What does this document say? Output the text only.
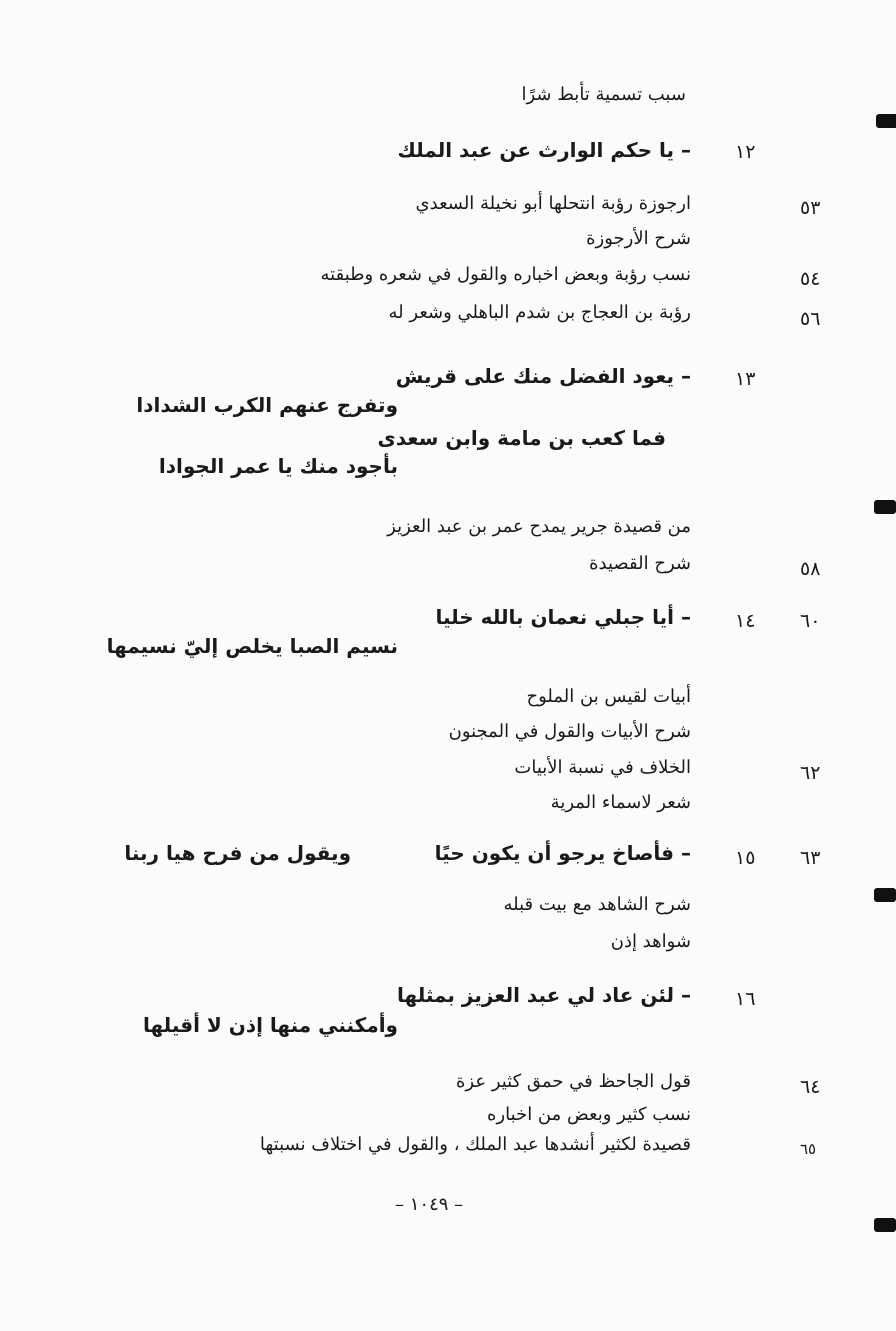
سبب تسمية تأبط شرًا
١٢
– يا حكم الوارث عن عبد الملك
٥٣
ارجوزة رؤبة انتحلها أبو نخيلة السعدي
شرح الأرجوزة
٥٤
نسب رؤبة وبعض اخباره والقول في شعره وطبقته
٥٦
رؤبة بن العجاج بن شدم الباهلي وشعر له
١٣
– يعود الفضل منك على قريش
وتفرج عنهم الكرب الشدادا
فما كعب بن مامة وابن سعدى
بأجود منك يا عمر الجوادا
من قصيدة جرير يمدح عمر بن عبد العزيز
٥٨
شرح القصيدة
٦٠
١٤
– أيا جبلي نعمان بالله خليا
نسيم الصبا يخلص إليّ نسيمها
أبيات لقيس بن الملوح
شرح الأبيات والقول في المجنون
٦٢
الخلاف في نسبة الأبيات
شعر لاسماء المرية
٦٣
١٥
– فأصاخ يرجو أن يكون حيًا
ويقول من فرح هيا ربنا
شرح الشاهد مع بيت قبله
شواهد إذن
١٦
– لئن عاد لي عبد العزيز بمثلها
وأمكنني منها إذن لا أقيلها
٦٤
قول الجاحظ في حمق كثير عزة
نسب كثير وبعض من اخباره
٦٥
قصيدة لكثير أنشدها عبد الملك ، والقول في اختلاف نسبتها
– ١٠٤٩ –
